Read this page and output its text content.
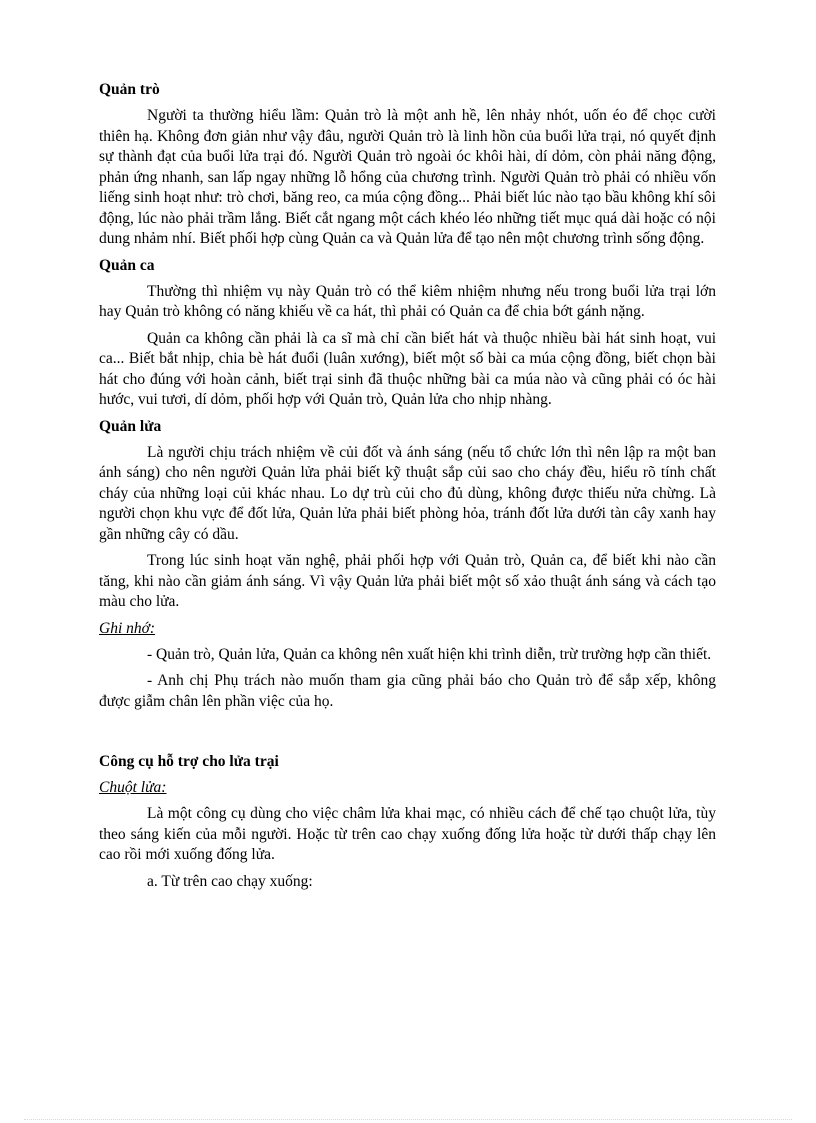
Quản trò

Người ta thường hiểu lầm: Quản trò là một anh hề, lên nhảy nhót, uốn éo để chọc cười thiên hạ. Không đơn giản như vậy đâu, người Quản trò là linh hồn của buổi lửa trại, nó quyết định sự thành đạt của buổi lửa trại đó. Người Quản trò ngoài óc khôi hài, dí dỏm, còn phải năng động, phản ứng nhanh, san lấp ngay những lỗ hổng của chương trình. Người Quản trò phải có nhiều vốn liếng sinh hoạt như: trò chơi, băng reo, ca múa cộng đồng... Phải biết lúc nào tạo bầu không khí sôi động, lúc nào phải trầm lắng. Biết cắt ngang một cách khéo léo những tiết mục quá dài hoặc có nội dung nhảm nhí. Biết phối hợp cùng Quản ca và Quản lửa để tạo nên một chương trình sống động.

Quản ca

Thường thì nhiệm vụ này Quản trò có thể kiêm nhiệm nhưng nếu trong buổi lửa trại lớn hay Quản trò không có năng khiếu về ca hát, thì phải có Quản ca để chia bớt gánh nặng.

Quản ca không cần phải là ca sĩ mà chỉ cần biết hát và thuộc nhiều bài hát sinh hoạt, vui ca... Biết bắt nhịp, chia bè hát đuổi (luân xướng), biết một số bài ca múa cộng đồng, biết chọn bài hát cho đúng với hoàn cảnh, biết trại sinh đã thuộc những bài ca múa nào và cũng phải có óc hài hước, vui tươi, dí dỏm, phối hợp với Quản trò, Quản lửa cho nhịp nhàng.

Quản lửa

Là người chịu trách nhiệm về củi đốt và ánh sáng (nếu tổ chức lớn thì nên lập ra một ban ánh sáng) cho nên người Quản lửa phải biết kỹ thuật sắp củi sao cho cháy đều, hiểu rõ tính chất cháy của những loại củi khác nhau. Lo dự trù củi cho đủ dùng, không được thiếu nửa chừng. Là người chọn khu vực để đốt lửa, Quản lửa phải biết phòng hỏa, tránh đốt lửa dưới tàn cây xanh hay gần những cây có dầu.

Trong lúc sinh hoạt văn nghệ, phải phối hợp với Quản trò, Quản ca, để biết khi nào cần tăng, khi nào cần giảm ánh sáng. Vì vậy Quản lửa phải biết một số xảo thuật ánh sáng và cách tạo màu cho lửa.

Ghi nhớ:

- Quản trò, Quản lửa, Quản ca không nên xuất hiện khi trình diễn, trừ trường hợp cần thiết.

- Anh chị Phụ trách nào muốn tham gia cũng phải báo cho Quản trò để sắp xếp, không được giẫm chân lên phần việc của họ.

Công cụ hỗ trợ cho lửa trại
Chuột lửa:

Là một công cụ dùng cho việc châm lửa khai mạc, có nhiều cách để chế tạo chuột lửa, tùy theo sáng kiến của mỗi người. Hoặc từ trên cao chạy xuống đống lửa hoặc từ dưới thấp chạy lên cao rồi mới xuống đống lửa.

a. Từ trên cao chạy xuống:
